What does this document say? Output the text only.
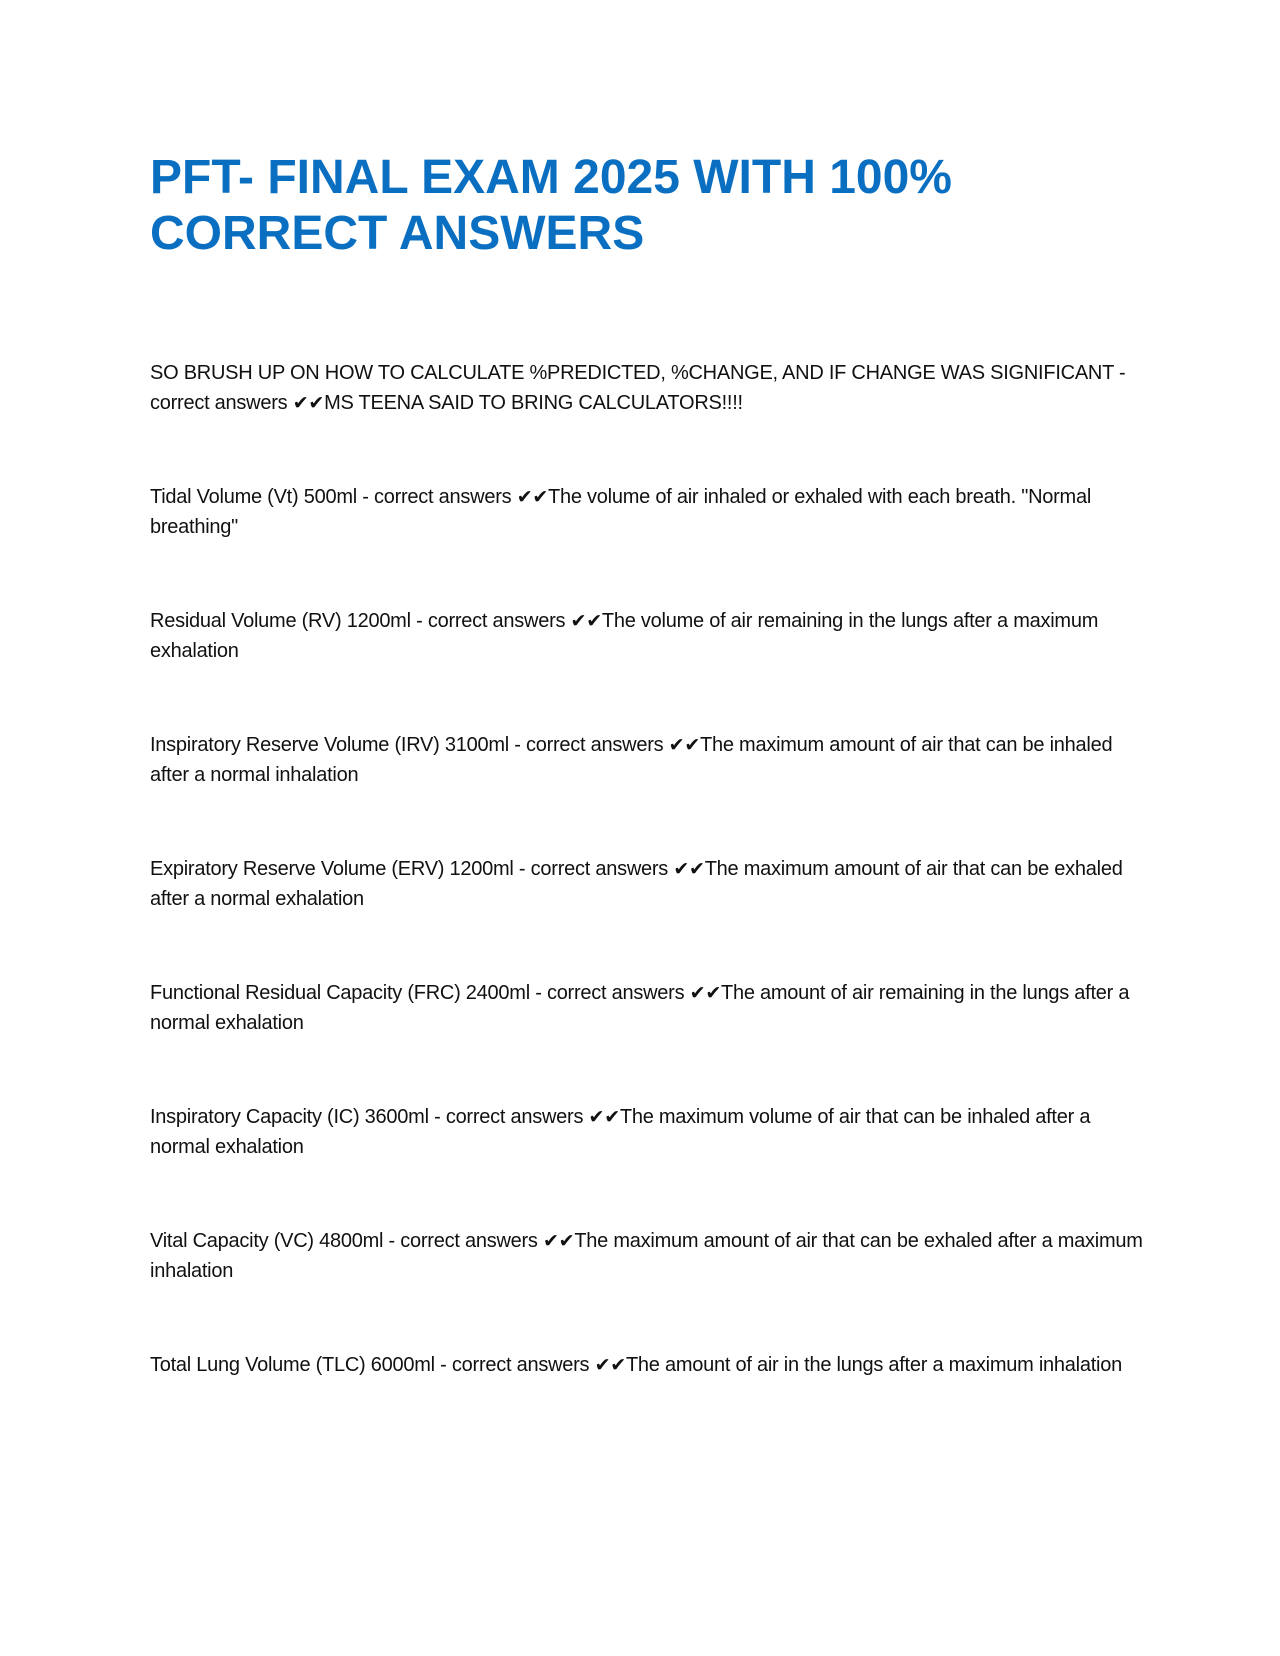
PFT- FINAL EXAM 2025 WITH 100%
CORRECT ANSWERS

SO BRUSH UP ON HOW TO CALCULATE %PREDICTED, %CHANGE, AND IF CHANGE WAS SIGNIFICANT - correct answers ✔✔MS TEENA SAID TO BRING CALCULATORS!!!!

Tidal Volume (Vt) 500ml - correct answers ✔✔The volume of air inhaled or exhaled with each breath. "Normal breathing"

Residual Volume (RV) 1200ml - correct answers ✔✔The volume of air remaining in the lungs after a maximum exhalation

Inspiratory Reserve Volume (IRV) 3100ml - correct answers ✔✔The maximum amount of air that can be inhaled after a normal inhalation

Expiratory Reserve Volume (ERV) 1200ml - correct answers ✔✔The maximum amount of air that can be exhaled after a normal exhalation

Functional Residual Capacity (FRC) 2400ml - correct answers ✔✔The amount of air remaining in the lungs after a normal exhalation

Inspiratory Capacity (IC) 3600ml - correct answers ✔✔The maximum volume of air that can be inhaled after a normal exhalation

Vital Capacity (VC) 4800ml - correct answers ✔✔The maximum amount of air that can be exhaled after a maximum inhalation

Total Lung Volume (TLC) 6000ml - correct answers ✔✔The amount of air in the lungs after a maximum inhalation
